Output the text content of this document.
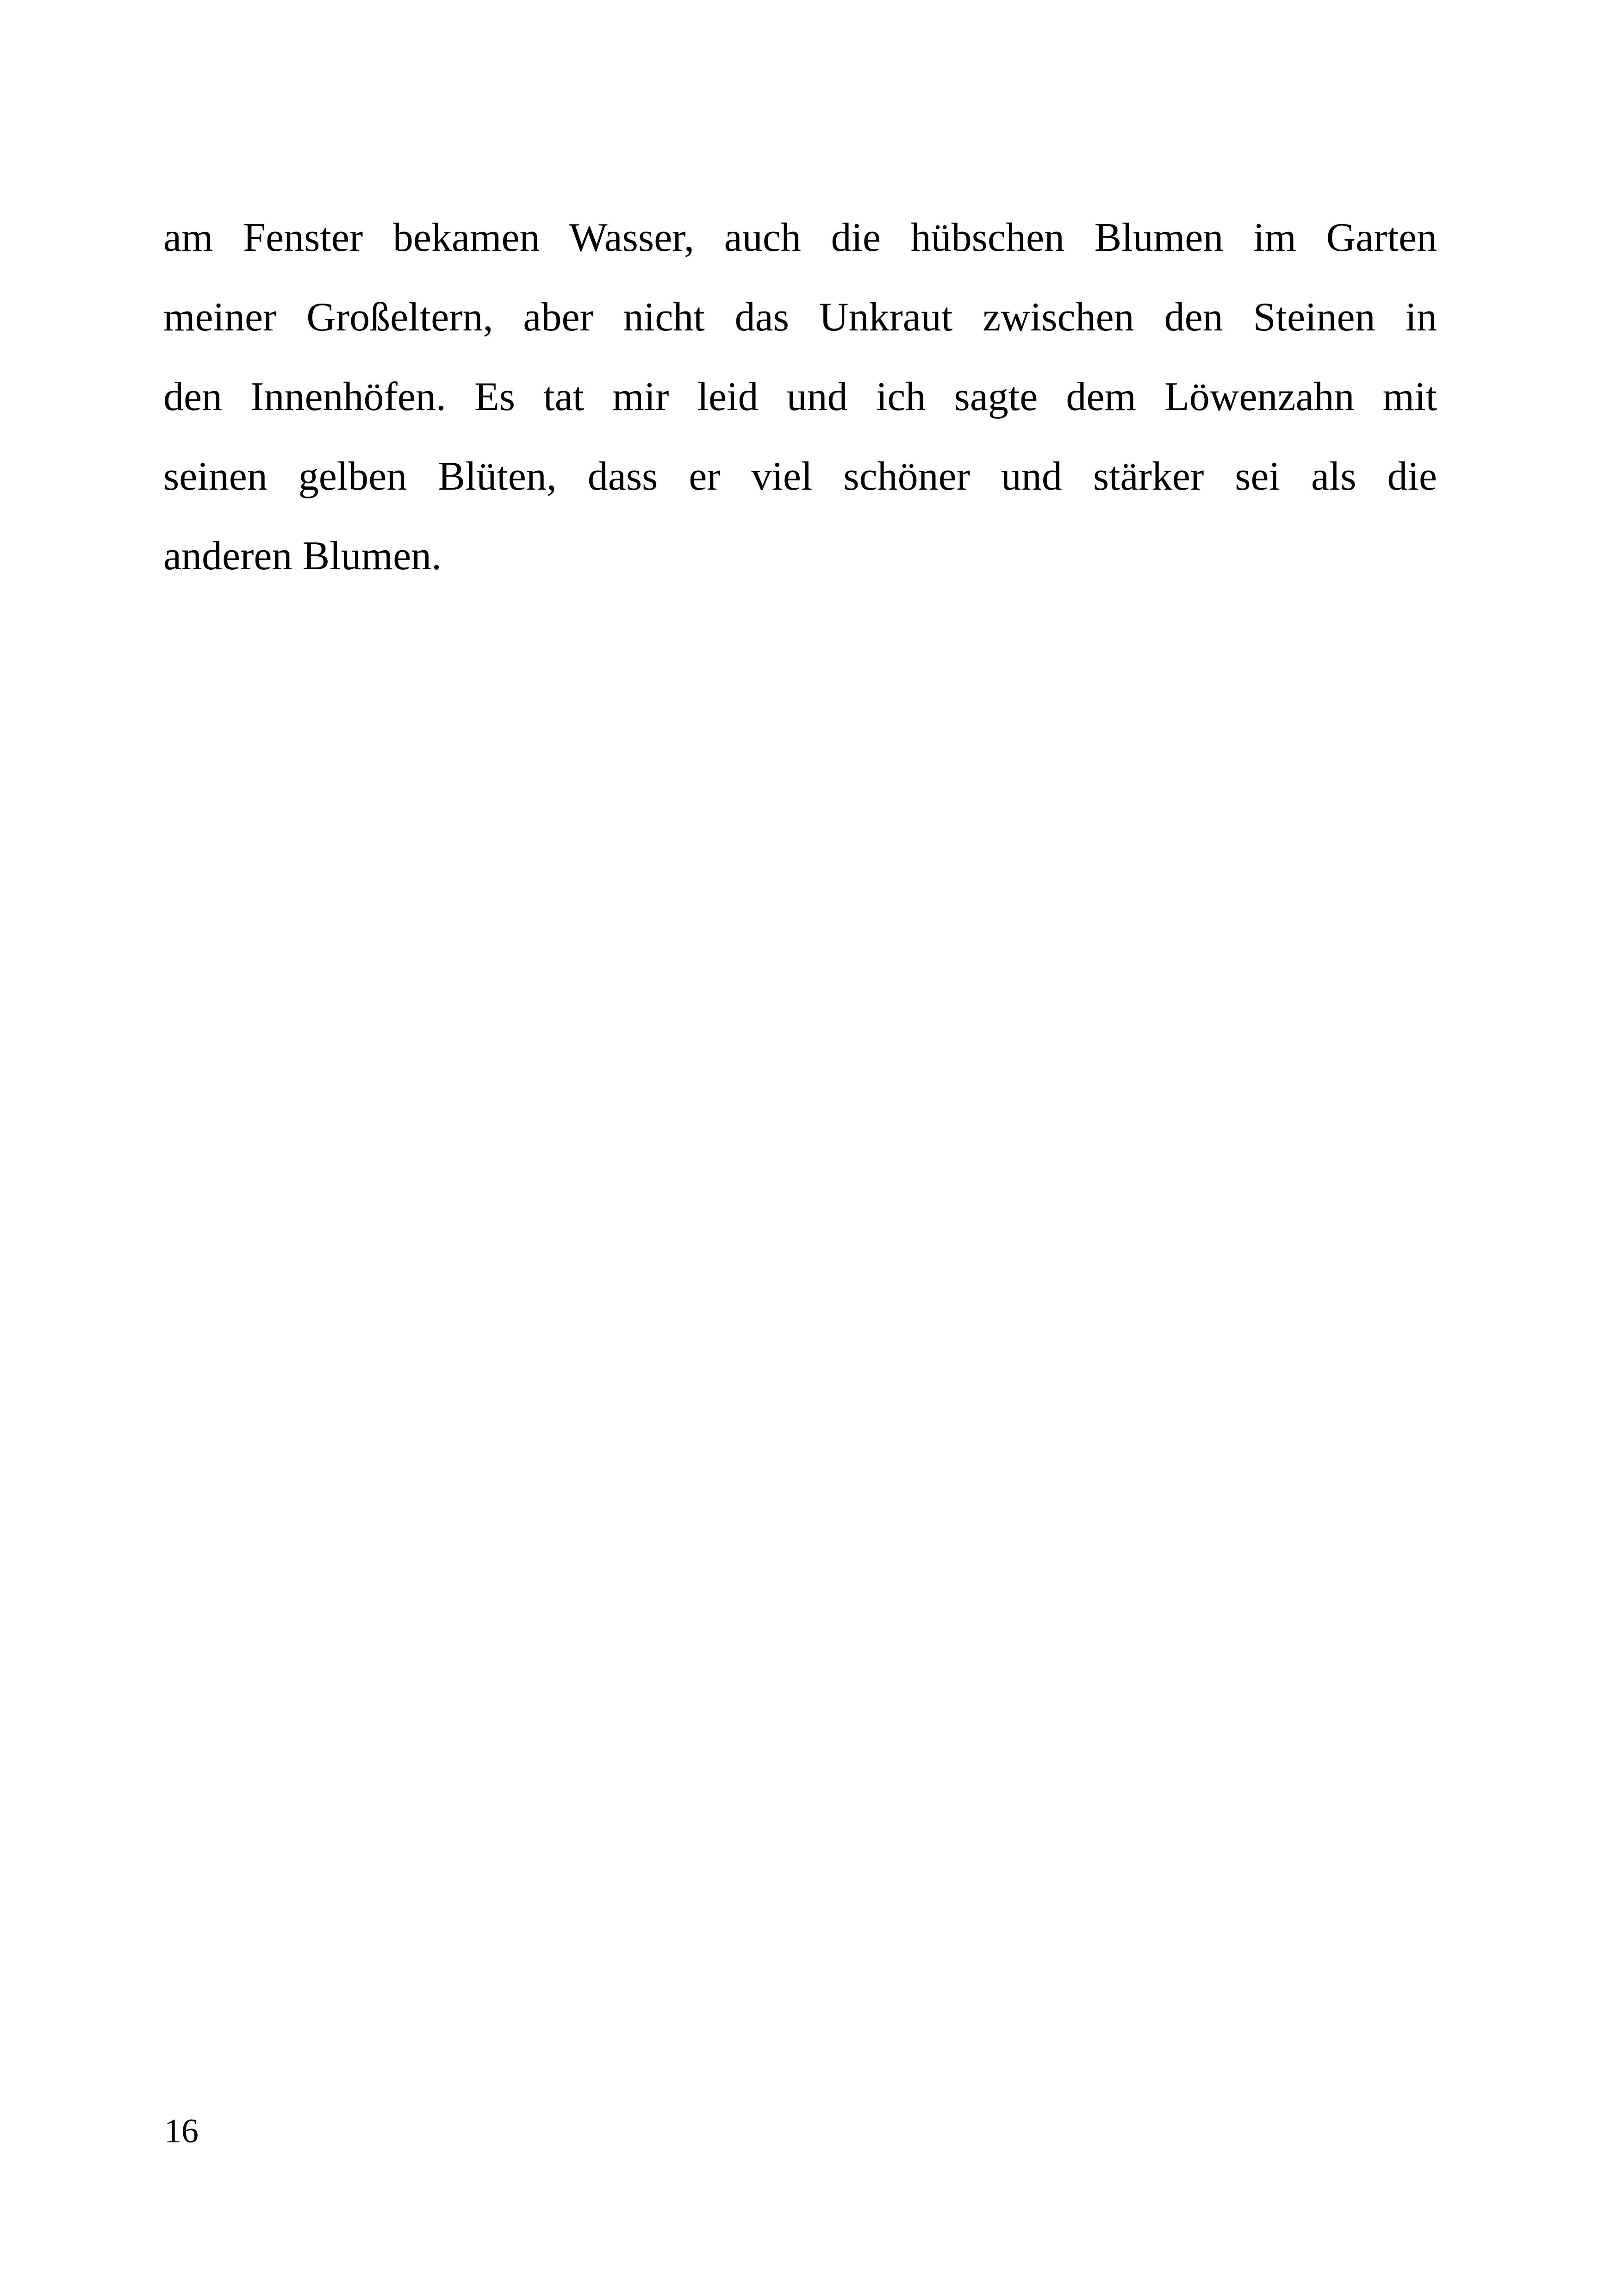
am Fenster bekamen Wasser, auch die hübschen Blumen im Garten
meiner Großeltern, aber nicht das Unkraut zwischen den Steinen in
den Innenhöfen. Es tat mir leid und ich sagte dem Löwenzahn mit
seinen gelben Blüten, dass er viel schöner und stärker sei als die
anderen Blumen.
16
